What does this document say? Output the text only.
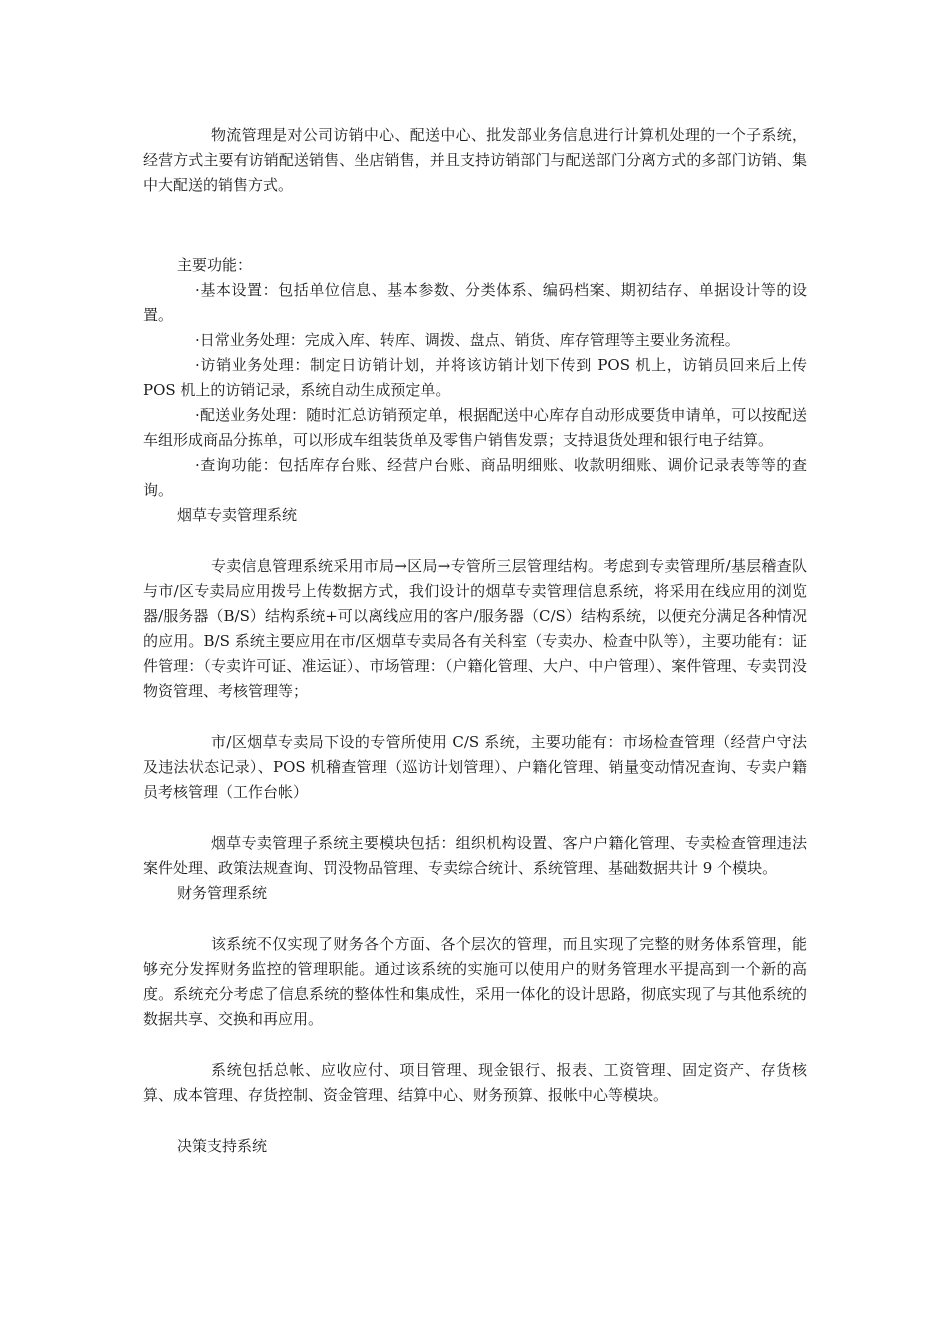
物流管理是对公司访销中心、配送中心、批发部业务信息进行计算机处理的一个子系统，经营方式主要有访销配送销售、坐店销售，并且支持访销部门与配送部门分离方式的多部门访销、集中大配送的销售方式。

主要功能：

·基本设置：包括单位信息、基本参数、分类体系、编码档案、期初结存、单据设计等的设置。

·日常业务处理：完成入库、转库、调拨、盘点、销货、库存管理等主要业务流程。

·访销业务处理：制定日访销计划，并将该访销计划下传到 POS 机上，访销员回来后上传 POS 机上的访销记录，系统自动生成预定单。

·配送业务处理：随时汇总访销预定单，根据配送中心库存自动形成要货申请单，可以按配送车组形成商品分拣单，可以形成车组装货单及零售户销售发票；支持退货处理和银行电子结算。

·查询功能：包括库存台账、经营户台账、商品明细账、收款明细账、调价记录表等等的查询。

烟草专卖管理系统

专卖信息管理系统采用市局→区局→专管所三层管理结构。考虑到专卖管理所/基层稽查队与市/区专卖局应用拨号上传数据方式，我们设计的烟草专卖管理信息系统，将采用在线应用的浏览器/服务器（B/S）结构系统+可以离线应用的客户/服务器（C/S）结构系统，以便充分满足各种情况的应用。B/S 系统主要应用在市/区烟草专卖局各有关科室（专卖办、检查中队等），主要功能有：证件管理：（专卖许可证、准运证）、市场管理：（户籍化管理、大户、中户管理）、案件管理、专卖罚没物资管理、考核管理等；

市/区烟草专卖局下设的专管所使用 C/S 系统，主要功能有：市场检查管理（经营户守法及违法状态记录）、POS 机稽查管理（巡访计划管理）、户籍化管理、销量变动情况查询、专卖户籍员考核管理（工作台帐）

烟草专卖管理子系统主要模块包括：组织机构设置、客户户籍化管理、专卖检查管理违法案件处理、政策法规查询、罚没物品管理、专卖综合统计、系统管理、基础数据共计 9 个模块。

财务管理系统

该系统不仅实现了财务各个方面、各个层次的管理，而且实现了完整的财务体系管理，能够充分发挥财务监控的管理职能。通过该系统的实施可以使用户的财务管理水平提高到一个新的高度。系统充分考虑了信息系统的整体性和集成性，采用一体化的设计思路，彻底实现了与其他系统的数据共享、交换和再应用。

系统包括总帐、应收应付、项目管理、现金银行、报表、工资管理、固定资产、存货核算、成本管理、存货控制、资金管理、结算中心、财务预算、报帐中心等模块。

决策支持系统
